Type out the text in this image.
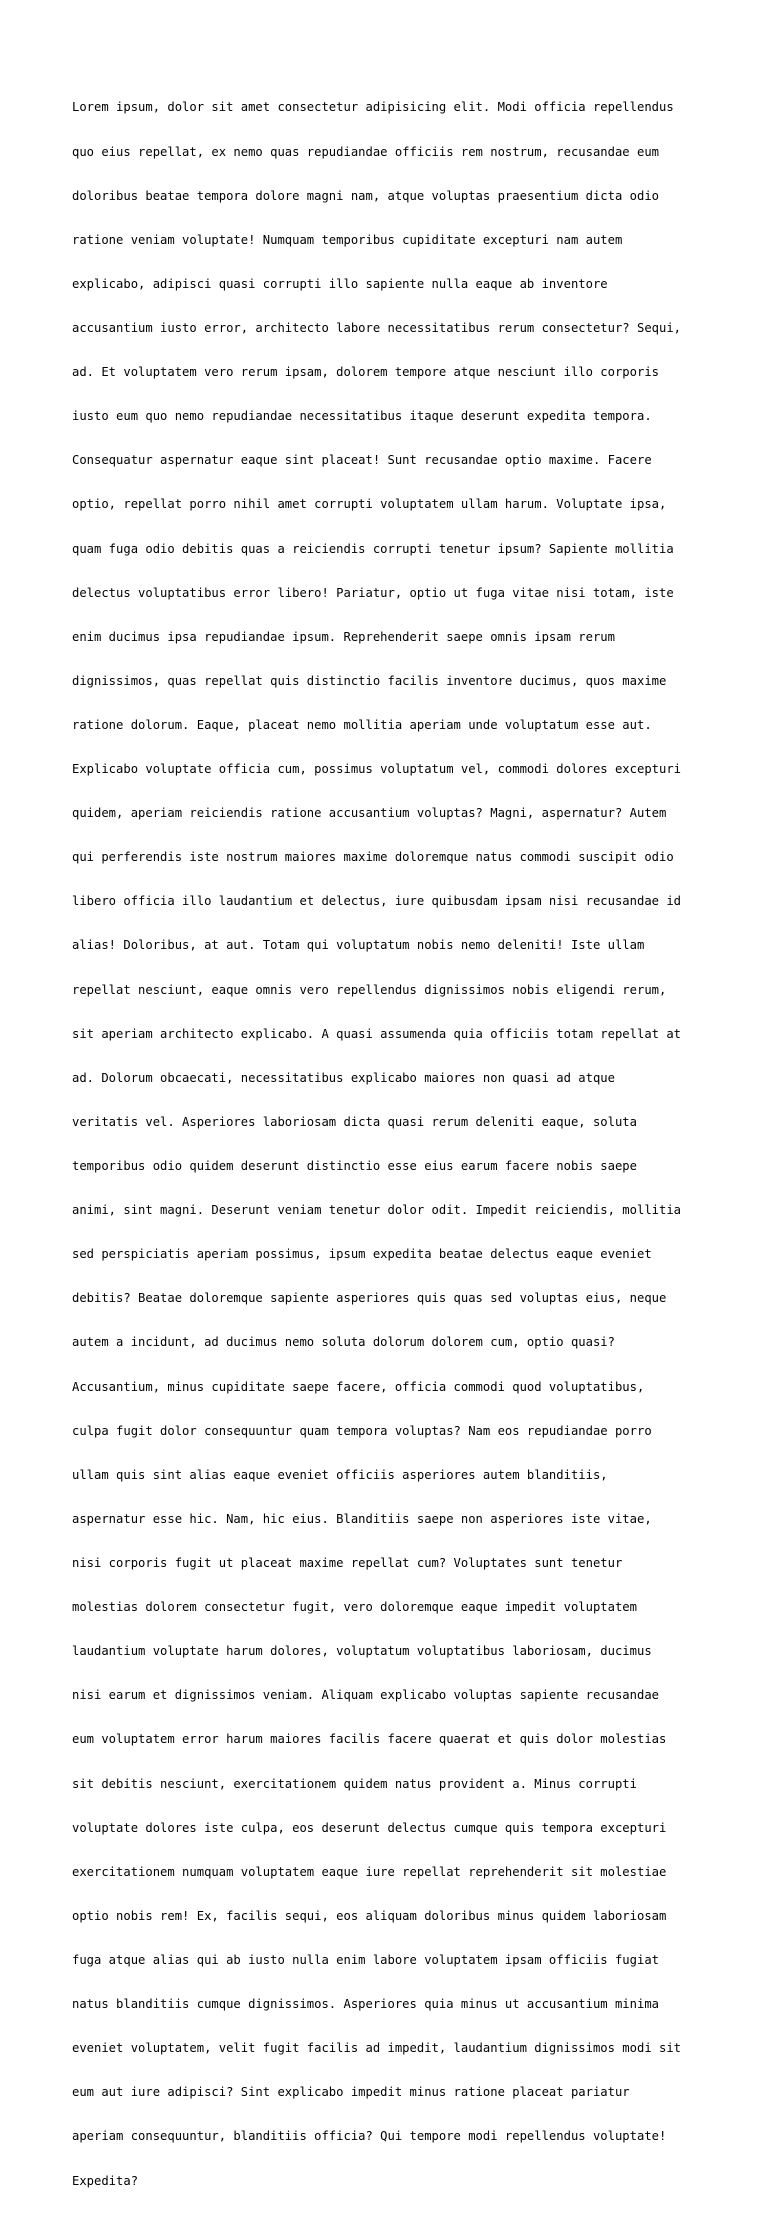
Lorem ipsum, dolor sit amet consectetur adipisicing elit. Modi officia repellendus

quo eius repellat, ex nemo quas repudiandae officiis rem nostrum, recusandae eum

doloribus beatae tempora dolore magni nam, atque voluptas praesentium dicta odio

ratione veniam voluptate! Numquam temporibus cupiditate excepturi nam autem

explicabo, adipisci quasi corrupti illo sapiente nulla eaque ab inventore

accusantium iusto error, architecto labore necessitatibus rerum consectetur? Sequi,

ad. Et voluptatem vero rerum ipsam, dolorem tempore atque nesciunt illo corporis

iusto eum quo nemo repudiandae necessitatibus itaque deserunt expedita tempora.

Consequatur aspernatur eaque sint placeat! Sunt recusandae optio maxime. Facere

optio, repellat porro nihil amet corrupti voluptatem ullam harum. Voluptate ipsa,

quam fuga odio debitis quas a reiciendis corrupti tenetur ipsum? Sapiente mollitia

delectus voluptatibus error libero! Pariatur, optio ut fuga vitae nisi totam, iste

enim ducimus ipsa repudiandae ipsum. Reprehenderit saepe omnis ipsam rerum

dignissimos, quas repellat quis distinctio facilis inventore ducimus, quos maxime

ratione dolorum. Eaque, placeat nemo mollitia aperiam unde voluptatum esse aut.

Explicabo voluptate officia cum, possimus voluptatum vel, commodi dolores excepturi

quidem, aperiam reiciendis ratione accusantium voluptas? Magni, aspernatur? Autem

qui perferendis iste nostrum maiores maxime doloremque natus commodi suscipit odio

libero officia illo laudantium et delectus, iure quibusdam ipsam nisi recusandae id

alias! Doloribus, at aut. Totam qui voluptatum nobis nemo deleniti! Iste ullam

repellat nesciunt, eaque omnis vero repellendus dignissimos nobis eligendi rerum,

sit aperiam architecto explicabo. A quasi assumenda quia officiis totam repellat at

ad. Dolorum obcaecati, necessitatibus explicabo maiores non quasi ad atque

veritatis vel. Asperiores laboriosam dicta quasi rerum deleniti eaque, soluta

temporibus odio quidem deserunt distinctio esse eius earum facere nobis saepe

animi, sint magni. Deserunt veniam tenetur dolor odit. Impedit reiciendis, mollitia

sed perspiciatis aperiam possimus, ipsum expedita beatae delectus eaque eveniet

debitis? Beatae doloremque sapiente asperiores quis quas sed voluptas eius, neque

autem a incidunt, ad ducimus nemo soluta dolorum dolorem cum, optio quasi?

Accusantium, minus cupiditate saepe facere, officia commodi quod voluptatibus,

culpa fugit dolor consequuntur quam tempora voluptas? Nam eos repudiandae porro

ullam quis sint alias eaque eveniet officiis asperiores autem blanditiis,

aspernatur esse hic. Nam, hic eius. Blanditiis saepe non asperiores iste vitae,

nisi corporis fugit ut placeat maxime repellat cum? Voluptates sunt tenetur

molestias dolorem consectetur fugit, vero doloremque eaque impedit voluptatem

laudantium voluptate harum dolores, voluptatum voluptatibus laboriosam, ducimus

nisi earum et dignissimos veniam. Aliquam explicabo voluptas sapiente recusandae

eum voluptatem error harum maiores facilis facere quaerat et quis dolor molestias

sit debitis nesciunt, exercitationem quidem natus provident a. Minus corrupti

voluptate dolores iste culpa, eos deserunt delectus cumque quis tempora excepturi

exercitationem numquam voluptatem eaque iure repellat reprehenderit sit molestiae

optio nobis rem! Ex, facilis sequi, eos aliquam doloribus minus quidem laboriosam

fuga atque alias qui ab iusto nulla enim labore voluptatem ipsam officiis fugiat

natus blanditiis cumque dignissimos. Asperiores quia minus ut accusantium minima

eveniet voluptatem, velit fugit facilis ad impedit, laudantium dignissimos modi sit

eum aut iure adipisci? Sint explicabo impedit minus ratione placeat pariatur

aperiam consequuntur, blanditiis officia? Qui tempore modi repellendus voluptate!

Expedita?
